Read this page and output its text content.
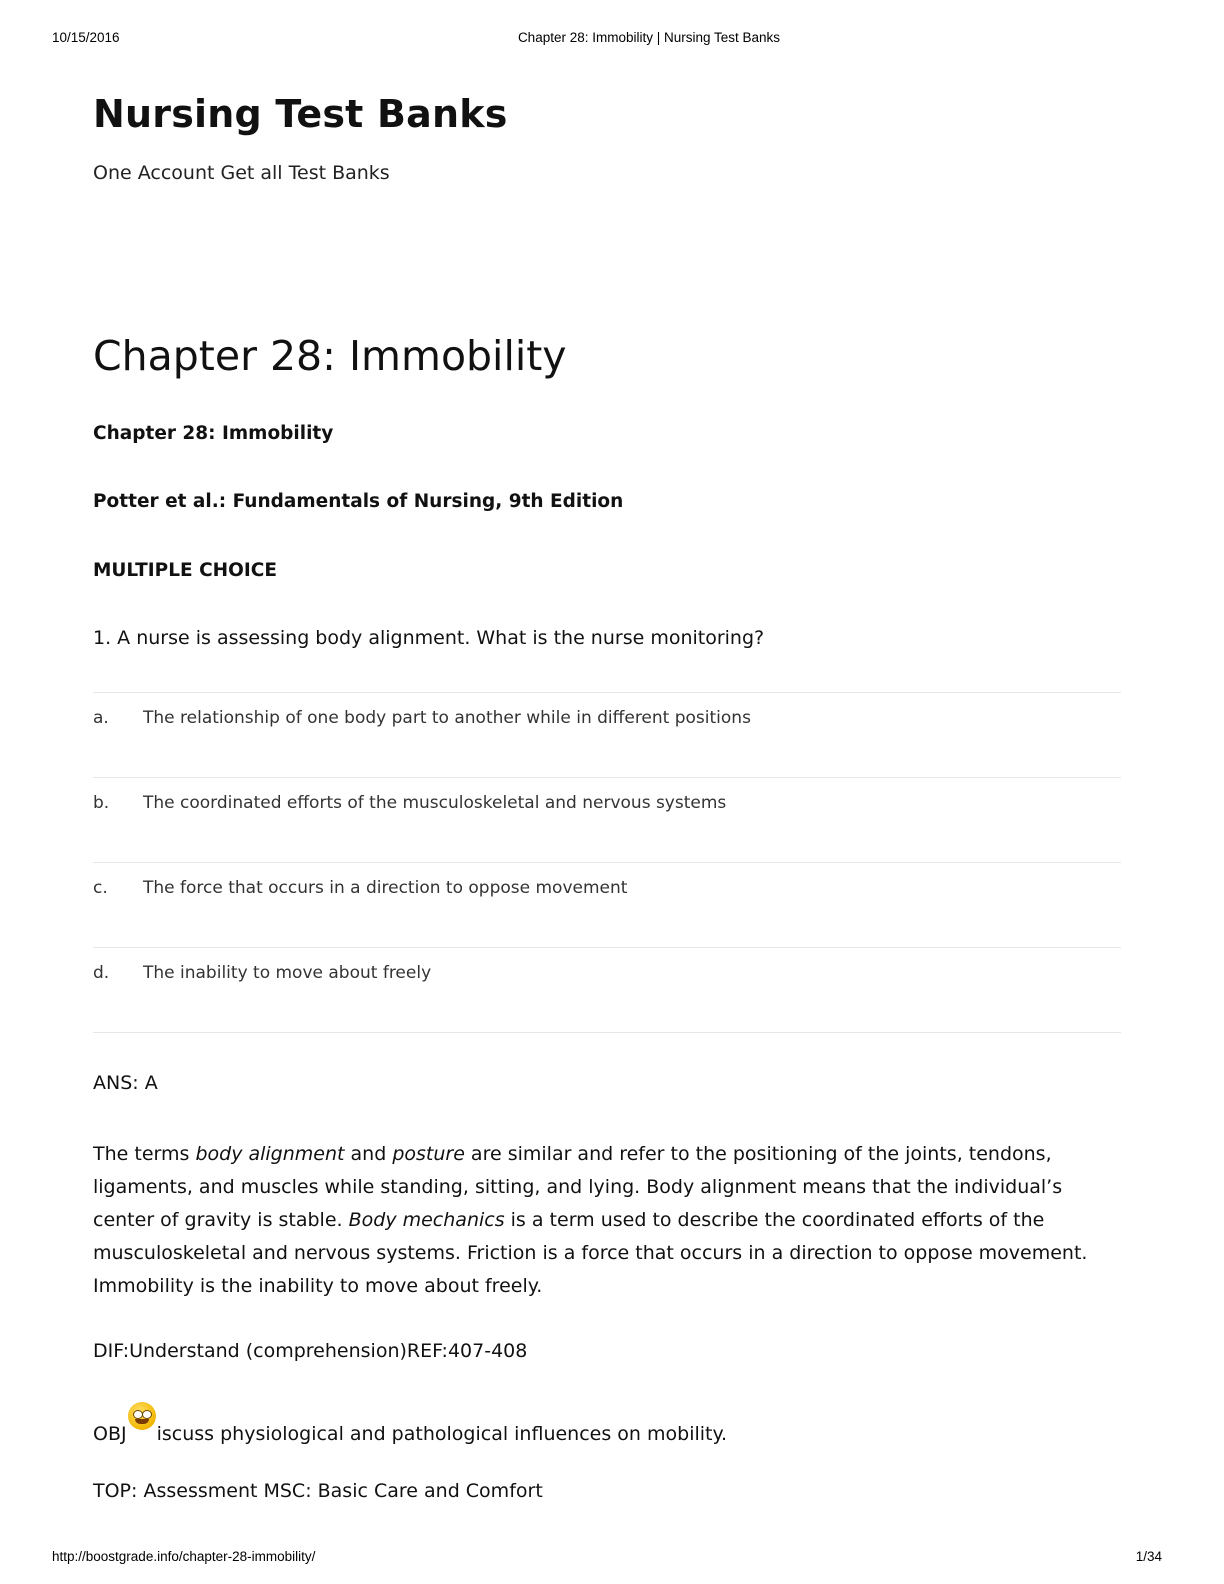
10/15/2016	Chapter 28: Immobility | Nursing Test Banks
Nursing Test Banks
One Account Get all Test Banks
Chapter 28: Immobility
Chapter 28: Immobility
Potter et al.: Fundamentals of Nursing, 9th Edition
MULTIPLE CHOICE
1. A nurse is assessing body alignment. What is the nurse monitoring?
a. The relationship of one body part to another while in different positions
b. The coordinated efforts of the musculoskeletal and nervous systems
c. The force that occurs in a direction to oppose movement
d. The inability to move about freely
ANS: A

The terms body alignment and posture are similar and refer to the positioning of the joints, tendons, ligaments, and muscles while standing, sitting, and lying. Body alignment means that the individual’s center of gravity is stable. Body mechanics is a term used to describe the coordinated efforts of the musculoskeletal and nervous systems. Friction is a force that occurs in a direction to oppose movement. Immobility is the inability to move about freely.

DIF:Understand (comprehension)REF:407-408
OBJ iscuss physiological and pathological influences on mobility.
TOP: Assessment MSC: Basic Care and Comfort
http://boostgrade.info/chapter-28-immobility/	1/34
